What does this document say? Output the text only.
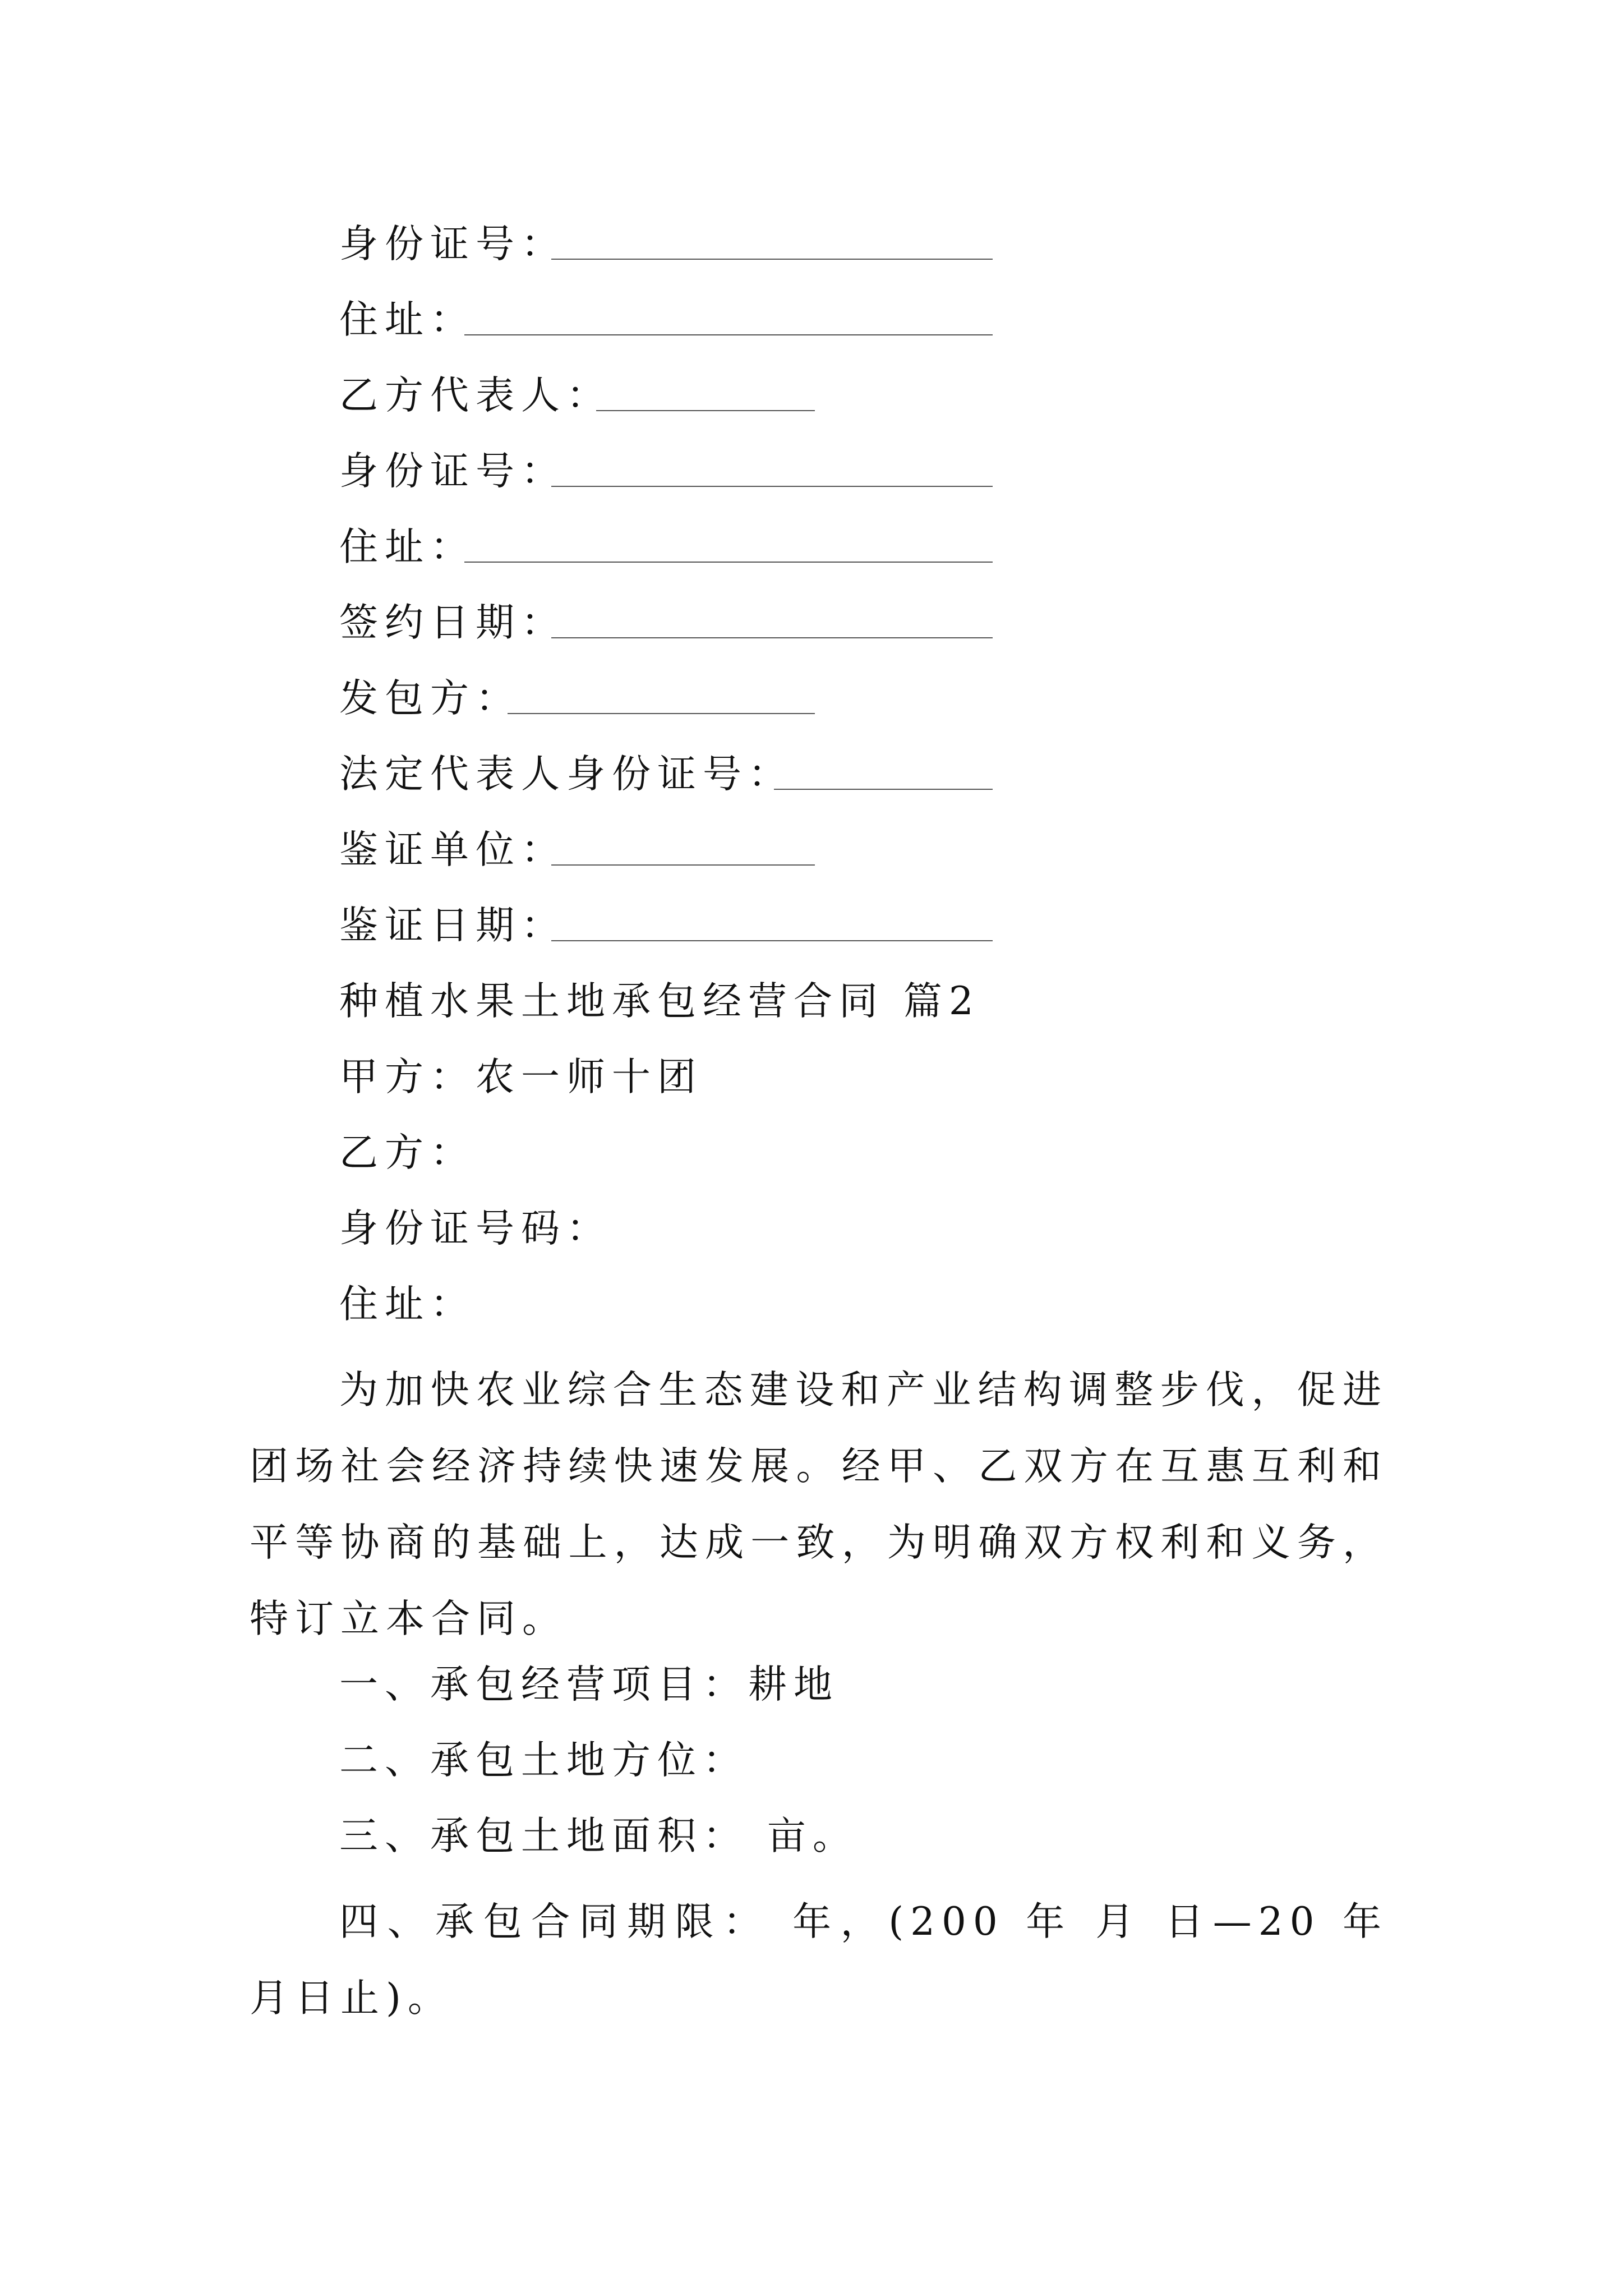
身份证号：
住址：
乙方代表人：
身份证号：
住址：
签约日期：
发包方：
法定代表人身份证号：
鉴证单位：
鉴证日期：
种植水果土地承包经营合同 篇2
甲方：农一师十团
乙方：
身份证号码：
住址：

为加快农业综合生态建设和产业结构调整步伐，促进团场社会经济持续快速发展。经甲、乙双方在互惠互利和平等协商的基础上，达成一致，为明确双方权利和义务，特订立本合同。

一、承包经营项目：耕地
二、承包土地方位：
三、承包土地面积： 亩。

四、承包合同期限： 年，(200 年 月 日—20 年 月日止)。
